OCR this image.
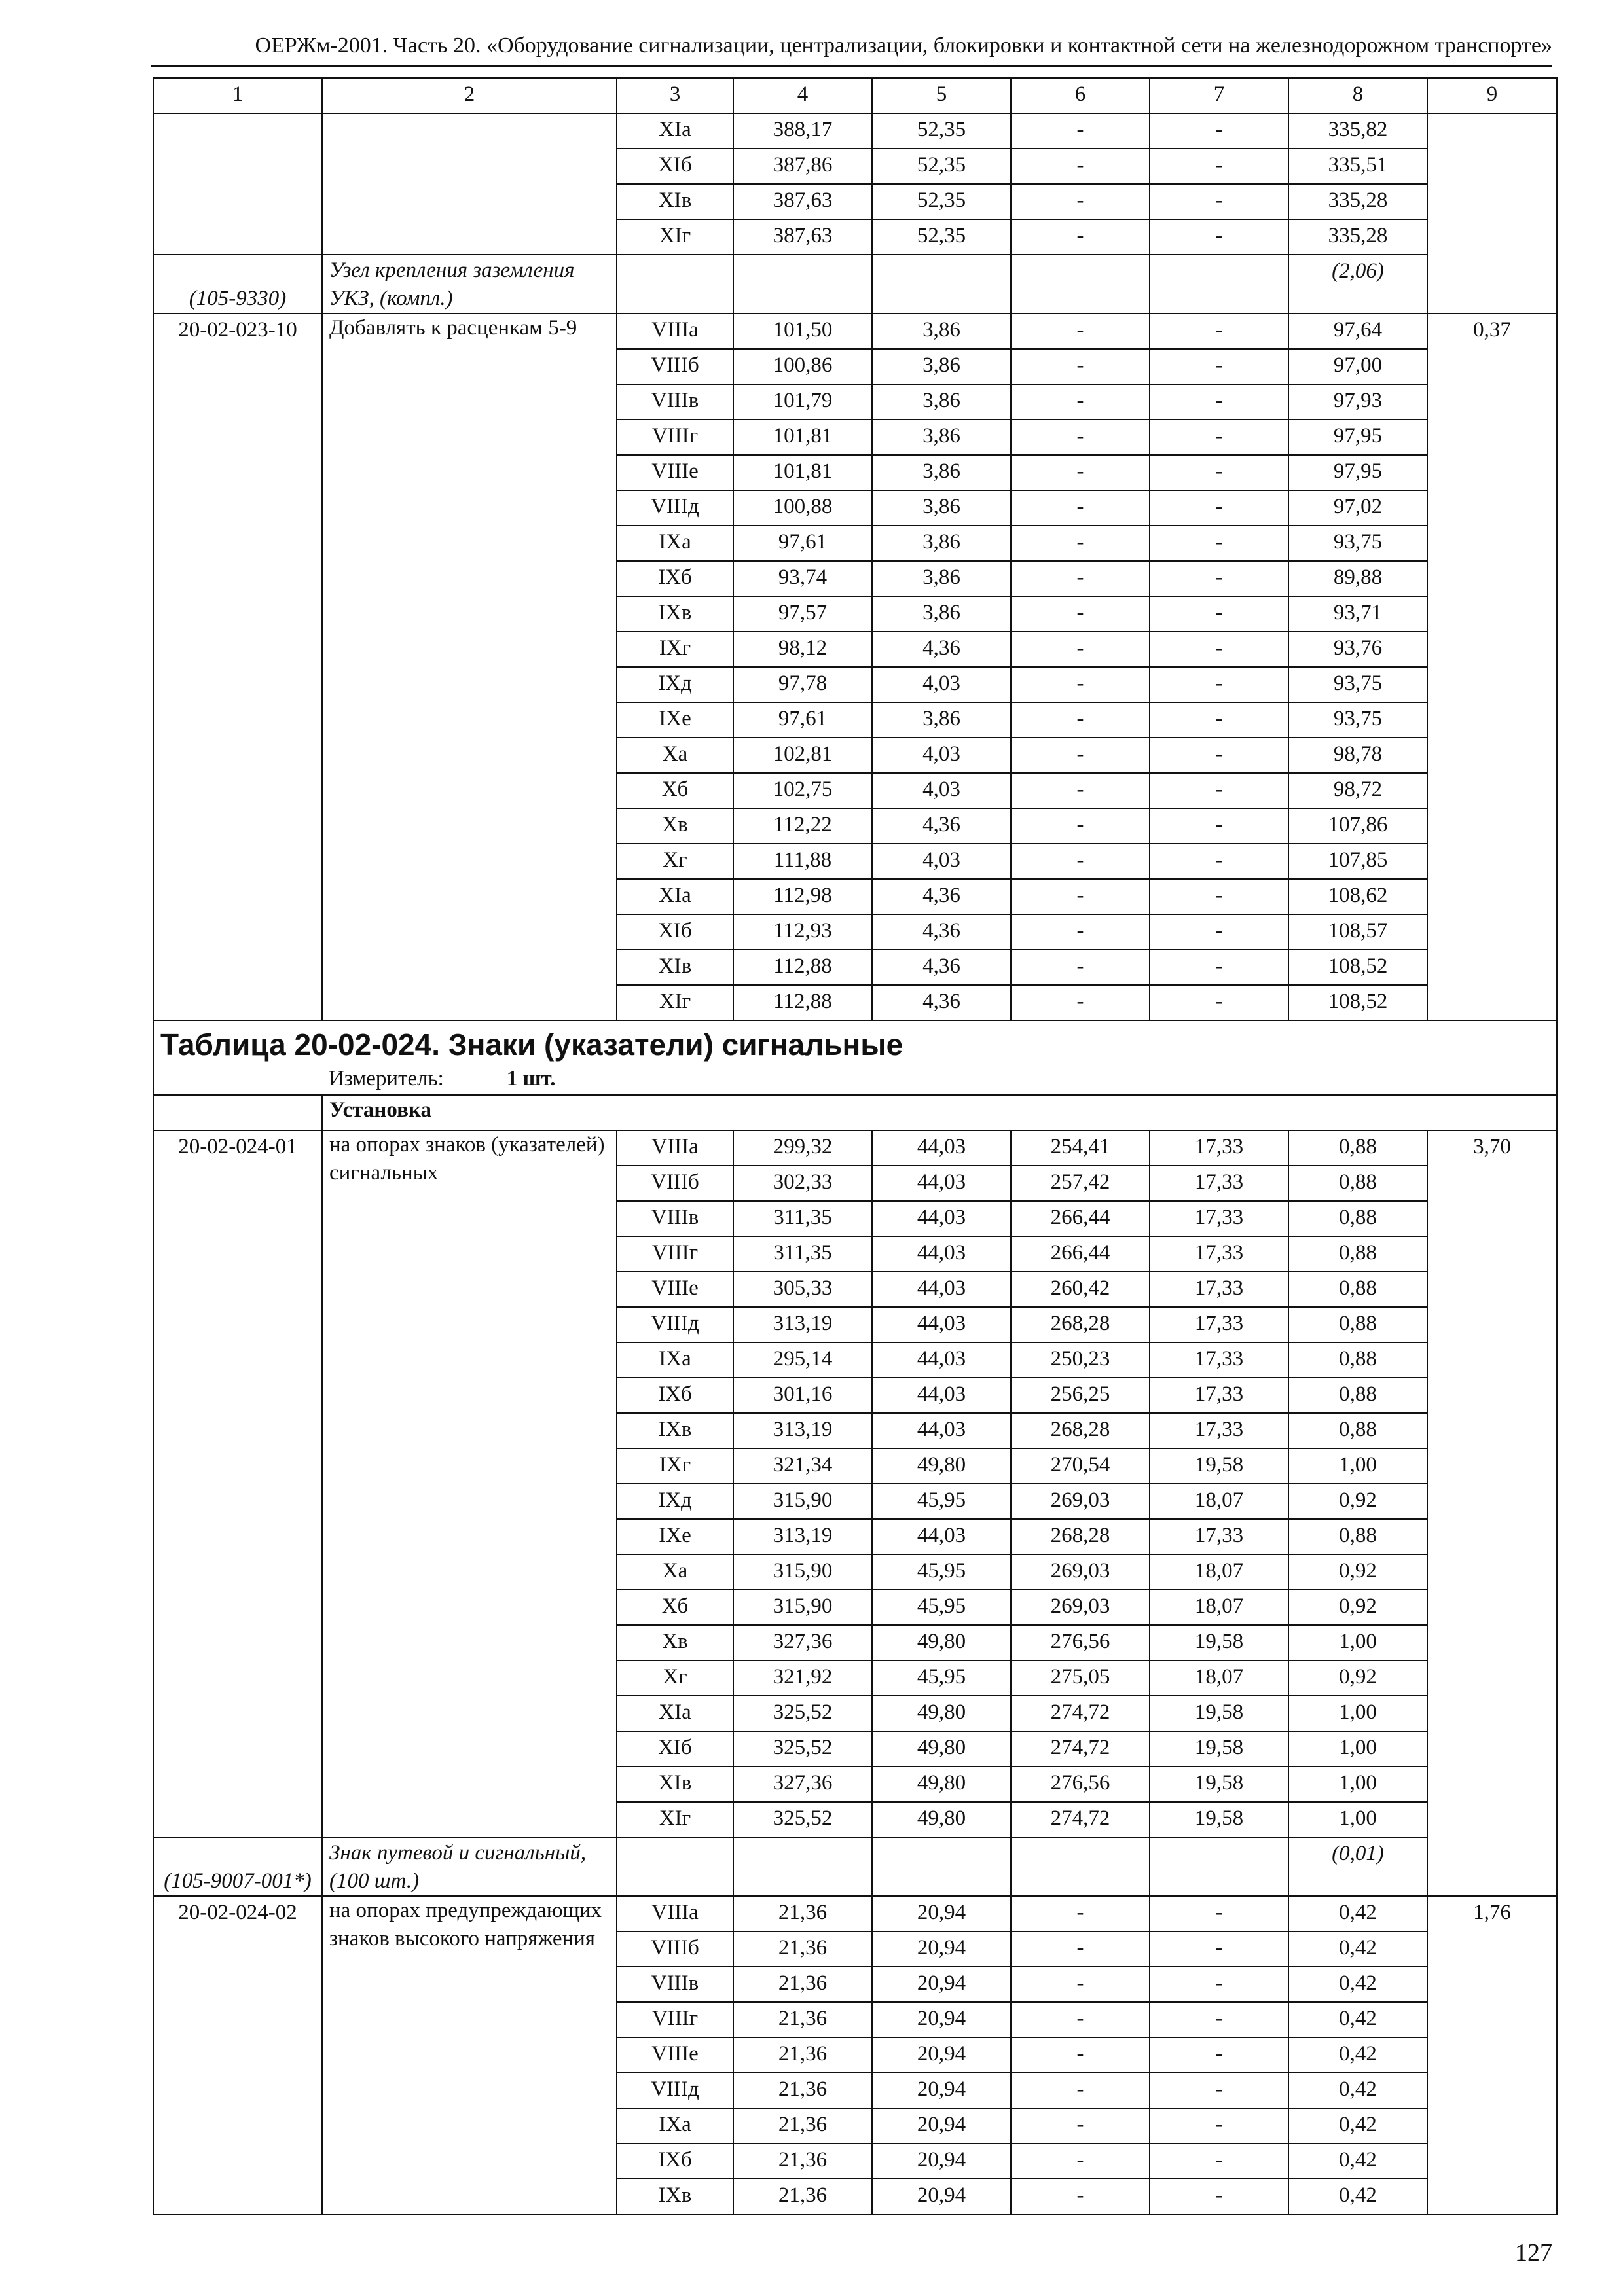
ОЕРЖм-2001. Часть 20. «Оборудование сигнализации, централизации, блокировки и контактной сети на железнодорожном транспорте»
1	2	3	4	5	6	7	8	9
		XIа	388,17	52,35	-	-	335,82	
		XIб	387,86	52,35	-	-	335,51	
		XIв	387,63	52,35	-	-	335,28	
		XIг	387,63	52,35	-	-	335,28	
(105-9330)	Узел крепления заземления УКЗ, (компл.)						(2,06)	
20-02-023-10	Добавлять к расценкам 5-9	VIIIа	101,50	3,86	-	-	97,64	0,37
		VIIIб	100,86	3,86	-	-	97,00	
		VIIIв	101,79	3,86	-	-	97,93	
		VIIIг	101,81	3,86	-	-	97,95	
		VIIIе	101,81	3,86	-	-	97,95	
		VIIIд	100,88	3,86	-	-	97,02	
		IXа	97,61	3,86	-	-	93,75	
		IXб	93,74	3,86	-	-	89,88	
		IXв	97,57	3,86	-	-	93,71	
		IXг	98,12	4,36	-	-	93,76	
		IXд	97,78	4,03	-	-	93,75	
		IXе	97,61	3,86	-	-	93,75	
		Xа	102,81	4,03	-	-	98,78	
		Xб	102,75	4,03	-	-	98,72	
		Xв	112,22	4,36	-	-	107,86	
		Xг	111,88	4,03	-	-	107,85	
		XIа	112,98	4,36	-	-	108,62	
		XIб	112,93	4,36	-	-	108,57	
		XIв	112,88	4,36	-	-	108,52	
		XIг	112,88	4,36	-	-	108,52	

Таблица 20-02-024. Знаки (указатели) сигнальные
Измеритель: 1 шт.								

	Установка							
20-02-024-01	на опорах знаков (указателей) сигнальных	VIIIа	299,32	44,03	254,41	17,33	0,88	3,70
		VIIIб	302,33	44,03	257,42	17,33	0,88	
		VIIIв	311,35	44,03	266,44	17,33	0,88	
		VIIIг	311,35	44,03	266,44	17,33	0,88	
		VIIIе	305,33	44,03	260,42	17,33	0,88	
		VIIIд	313,19	44,03	268,28	17,33	0,88	
		IXа	295,14	44,03	250,23	17,33	0,88	
		IXб	301,16	44,03	256,25	17,33	0,88	
		IXв	313,19	44,03	268,28	17,33	0,88	
		IXг	321,34	49,80	270,54	19,58	1,00	
		IXд	315,90	45,95	269,03	18,07	0,92	
		IXе	313,19	44,03	268,28	17,33	0,88	
		Xа	315,90	45,95	269,03	18,07	0,92	
		Xб	315,90	45,95	269,03	18,07	0,92	
		Xв	327,36	49,80	276,56	19,58	1,00	
		Xг	321,92	45,95	275,05	18,07	0,92	
		XIа	325,52	49,80	274,72	19,58	1,00	
		XIб	325,52	49,80	274,72	19,58	1,00	
		XIв	327,36	49,80	276,56	19,58	1,00	
		XIг	325,52	49,80	274,72	19,58	1,00	
(105-9007-001*)	Знак путевой и сигнальный, (100 шт.)						(0,01)	
20-02-024-02	на опорах предупреждающих знаков высокого напряжения	VIIIа	21,36	20,94	-	-	0,42	1,76
		VIIIб	21,36	20,94	-	-	0,42	
		VIIIв	21,36	20,94	-	-	0,42	
		VIIIг	21,36	20,94	-	-	0,42	
		VIIIе	21,36	20,94	-	-	0,42	
		VIIIд	21,36	20,94	-	-	0,42	
		IXа	21,36	20,94	-	-	0,42	
		IXб	21,36	20,94	-	-	0,42	
		IXв	21,36	20,94	-	-	0,42	
127
